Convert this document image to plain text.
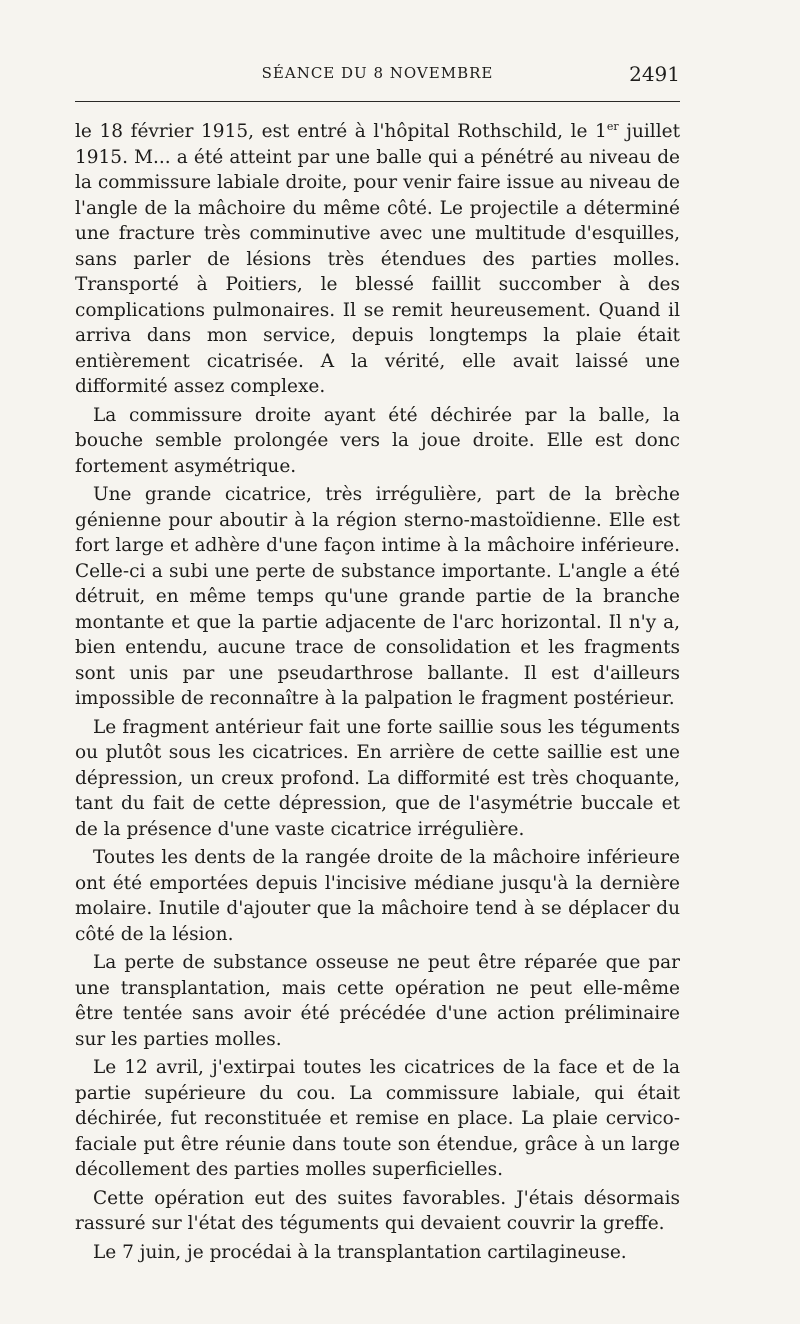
SÉANCE DU 8 NOVEMBRE	2491

le 18 février 1915, est entré à l'hôpital Rothschild, le 1er juillet 1915. M... a été atteint par une balle qui a pénétré au niveau de la commissure labiale droite, pour venir faire issue au niveau de l'angle de la mâchoire du même côté. Le projectile a déterminé une fracture très comminutive avec une multitude d'esquilles, sans parler de lésions très étendues des parties molles. Transporté à Poitiers, le blessé faillit succomber à des complications pulmonaires. Il se remit heureusement. Quand il arriva dans mon service, depuis longtemps la plaie était entièrement cicatrisée. A la vérité, elle avait laissé une difformité assez complexe.

La commissure droite ayant été déchirée par la balle, la bouche semble prolongée vers la joue droite. Elle est donc fortement asymétrique.

Une grande cicatrice, très irrégulière, part de la brèche génienne pour aboutir à la région sterno-mastoïdienne. Elle est fort large et adhère d'une façon intime à la mâchoire inférieure. Celle-ci a subi une perte de substance importante. L'angle a été détruit, en même temps qu'une grande partie de la branche montante et que la partie adjacente de l'arc horizontal. Il n'y a, bien entendu, aucune trace de consolidation et les fragments sont unis par une pseudarthrose ballante. Il est d'ailleurs impossible de reconnaître à la palpation le fragment postérieur.

Le fragment antérieur fait une forte saillie sous les téguments ou plutôt sous les cicatrices. En arrière de cette saillie est une dépression, un creux profond. La difformité est très choquante, tant du fait de cette dépression, que de l'asymétrie buccale et de la présence d'une vaste cicatrice irrégulière.

Toutes les dents de la rangée droite de la mâchoire inférieure ont été emportées depuis l'incisive médiane jusqu'à la dernière molaire. Inutile d'ajouter que la mâchoire tend à se déplacer du côté de la lésion.

La perte de substance osseuse ne peut être réparée que par une transplantation, mais cette opération ne peut elle-même être tentée sans avoir été précédée d'une action préliminaire sur les parties molles.

Le 12 avril, j'extirpai toutes les cicatrices de la face et de la partie supérieure du cou. La commissure labiale, qui était déchirée, fut reconstituée et remise en place. La plaie cervico-faciale put être réunie dans toute son étendue, grâce à un large décollement des parties molles superficielles.

Cette opération eut des suites favorables. J'étais désormais rassuré sur l'état des téguments qui devaient couvrir la greffe.

Le 7 juin, je procédai à la transplantation cartilagineuse.
